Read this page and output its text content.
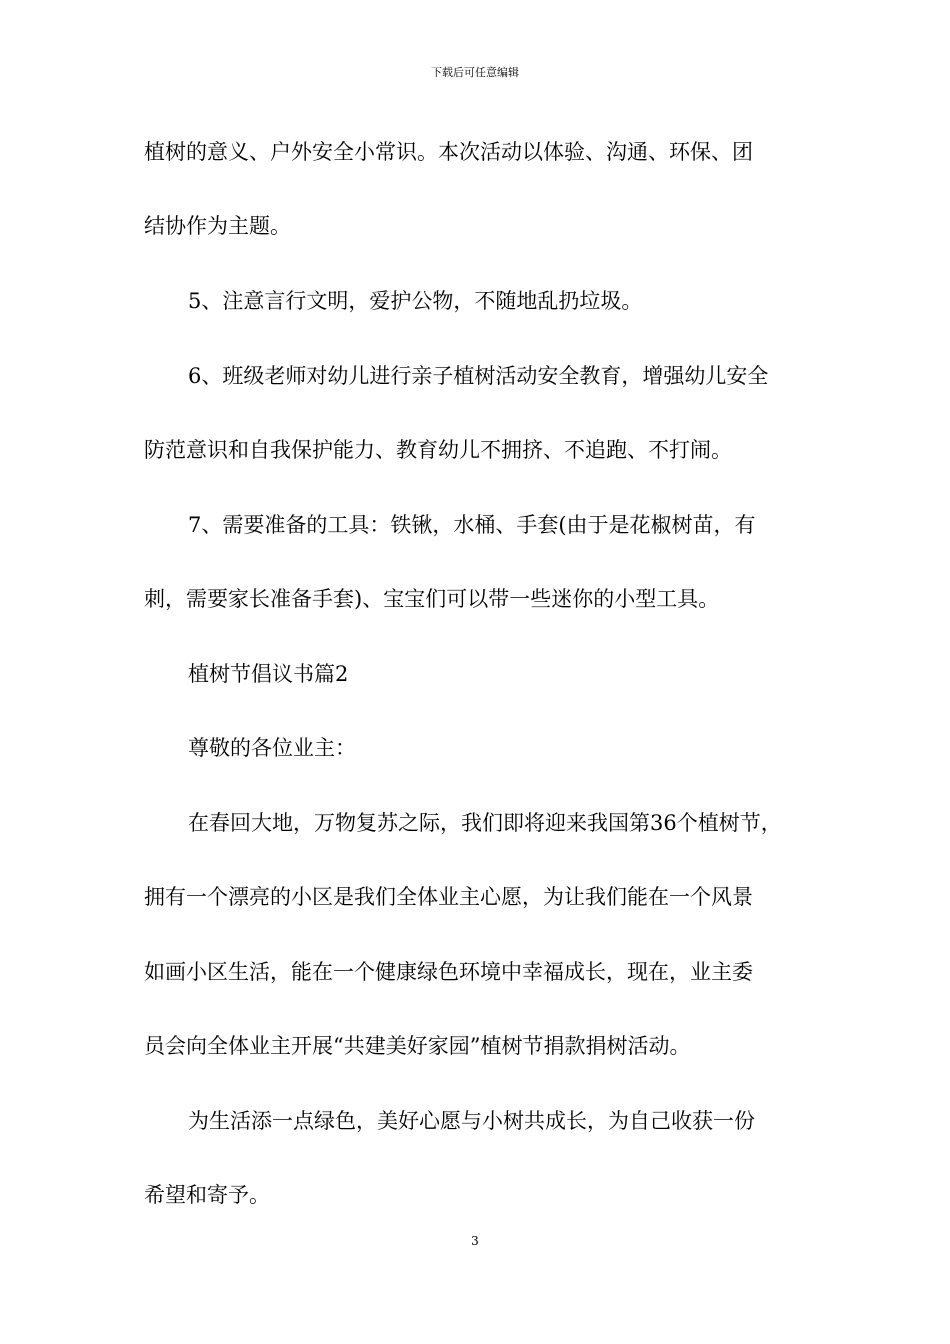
下载后可任意编辑
植树的意义、户外安全小常识。本次活动以体验、沟通、环保、团
结协作为主题。
5、注意言行文明，爱护公物，不随地乱扔垃圾。
6、班级老师对幼儿进行亲子植树活动安全教育，增强幼儿安全
防范意识和自我保护能力、教育幼儿不拥挤、不追跑、不打闹。
7、需要准备的工具：铁锹，水桶、手套(由于是花椒树苗，有
刺，需要家长准备手套)、宝宝们可以带一些迷你的小型工具。
植树节倡议书篇2
尊敬的各位业主：
在春回大地，万物复苏之际，我们即将迎来我国第36个植树节，
拥有一个漂亮的小区是我们全体业主心愿，为让我们能在一个风景
如画小区生活，能在一个健康绿色环境中幸福成长，现在，业主委
员会向全体业主开展“共建美好家园”植树节捐款捐树活动。
为生活添一点绿色，美好心愿与小树共成长，为自己收获一份
希望和寄予。
3
